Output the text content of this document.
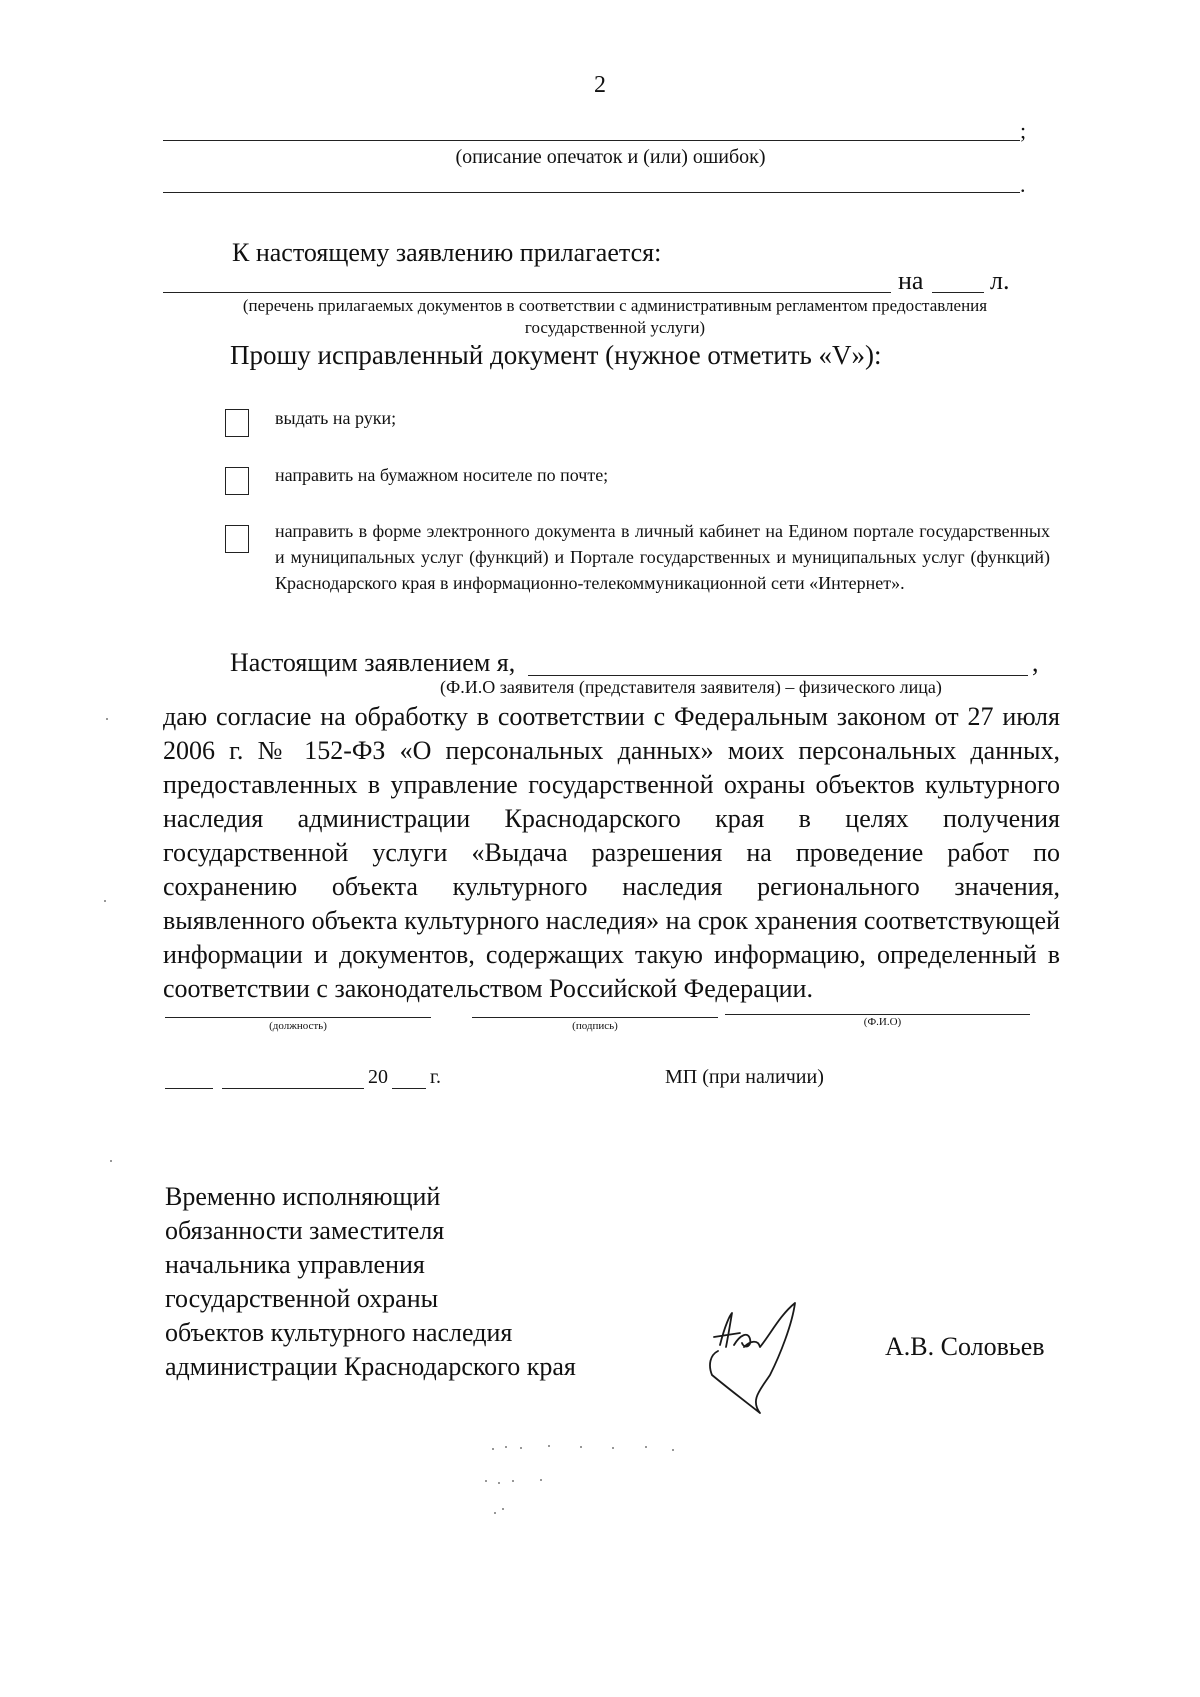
2
;
(описание опечаток и (или) ошибок)
.
К настоящему заявлению прилагается:
на	л.
(перечень прилагаемых документов в соответствии с административным регламентом предоставления государственной услуги)
Прошу исправленный документ (нужное отметить «V»):
выдать на руки;
направить на бумажном носителе по почте;
направить в форме электронного документа в личный кабинет на Едином портале государственных и муниципальных услуг (функций) и Портале государственных и муниципальных услуг (функций) Краснодарского края в информационно-телекоммуникационной сети «Интернет».
Настоящим заявлением я,	,
(Ф.И.О заявителя (представителя заявителя) – физического лица)
даю согласие на обработку в соответствии с Федеральным законом от 27 июля 2006 г. № 152-ФЗ «О персональных данных» моих персональных данных, предоставленных в управление государственной охраны объектов культурного наследия администрации Краснодарского края в целях получения государственной услуги «Выдача разрешения на проведение работ по сохранению объекта культурного наследия регионального значения, выявленного объекта культурного наследия» на срок хранения соответствующей информации и документов, содержащих такую информацию, определенный в соответствии с законодательством Российской Федерации.
(должность)	(подпись)	(Ф.И.О)
20 г.	МП (при наличии)
Временно исполняющий
обязанности заместителя
начальника управления
государственной охраны
объектов культурного наследия
администрации Краснодарского края
А.В. Соловьев
